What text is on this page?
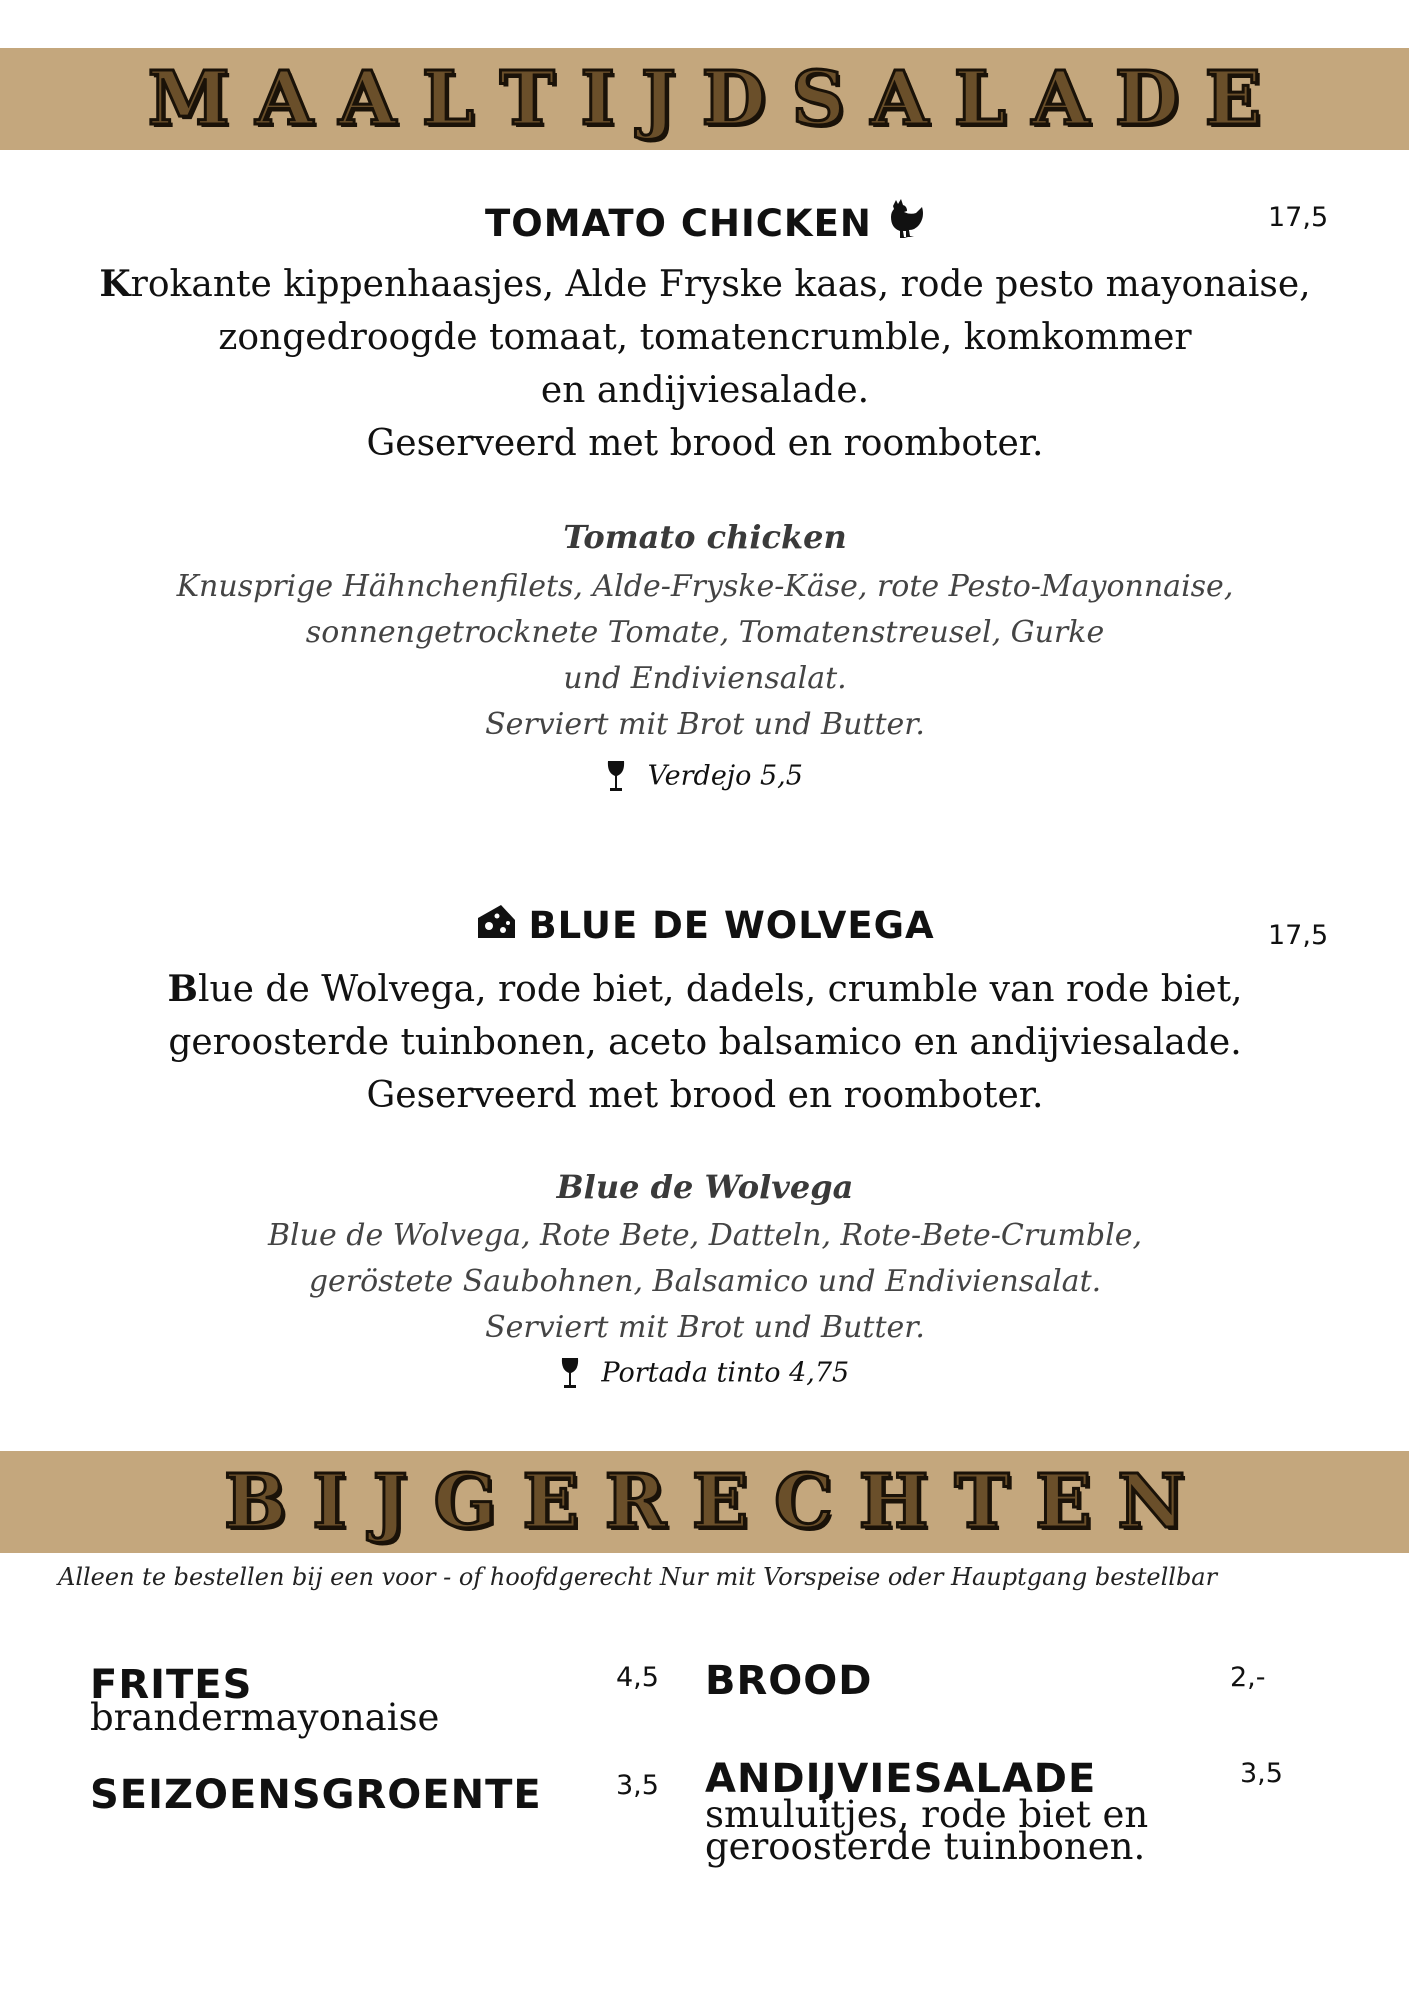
M A A L T I J D S A L A D E
TOMATO CHICKEN	17,5
Krokante kippenhaasjes, Alde Fryske kaas, rode pesto mayonaise,
zongedroogde tomaat, tomatencrumble, komkommer
en andijviesalade.
Geserveerd met brood en roomboter.
Tomato chicken
Knusprige Hähnchenfilets, Alde-Fryske-Käse, rote Pesto-Mayonnaise,
sonnengetrocknete Tomate, Tomatenstreusel, Gurke
und Endiviensalat.
Serviert mit Brot und Butter.
Verdejo 5,5
BLUE DE WOLVEGA	17,5
Blue de Wolvega, rode biet, dadels, crumble van rode biet,
geroosterde tuinbonen, aceto balsamico en andijviesalade.
Geserveerd met brood en roomboter.
Blue de Wolvega
Blue de Wolvega, Rote Bete, Datteln, Rote-Bete-Crumble,
geröstete Saubohnen, Balsamico und Endiviensalat.
Serviert mit Brot und Butter.
Portada tinto 4,75
B I J G E R E C H T E N
Alleen te bestellen bij een voor - of hoofdgerecht Nur mit Vorspeise oder Hauptgang bestellbar
FRITES
brandermayonaise
4,5
SEIZOENSGROENTE	3,5
BROOD	2,-
ANDIJVIESALADE
smuluitjes, rode biet en
geroosterde tuinbonen.
3,5
